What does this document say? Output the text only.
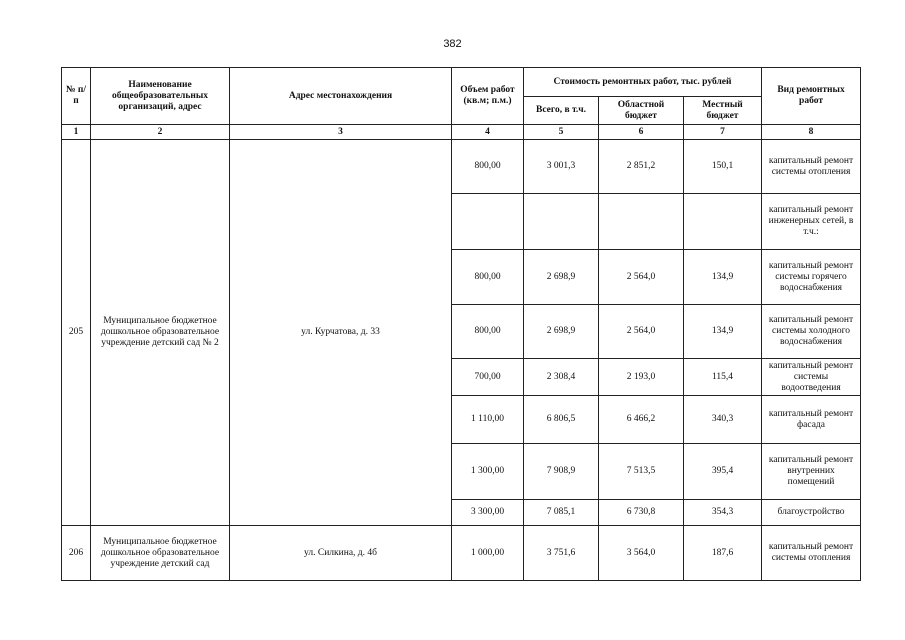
382
№ п/п	Наименование общеобразовательных организаций, адрес	Адрес местонахождения	Объем работ (кв.м; п.м.)	Стоимость ремонтных работ, тыс. рублей			Вид ремонтных работ
				Всего, в т.ч.	Областной бюджет	Местный бюджет	
1	2	3	4	5	6	7	8
205	Муниципальное бюджетное дошкольное образовательное учреждение детский сад № 2	ул. Курчатова, д. 33	800,00	3 001,3	2 851,2	150,1	капитальный ремонт системы отопления
							капитальный ремонт инженерных сетей, в т.ч.:
			800,00	2 698,9	2 564,0	134,9	капитальный ремонт системы горячего водоснабжения
			800,00	2 698,9	2 564,0	134,9	капитальный ремонт системы холодного водоснабжения
			700,00	2 308,4	2 193,0	115,4	капитальный ремонт системы водоотведения
			1 110,00	6 806,5	6 466,2	340,3	капитальный ремонт фасада
			1 300,00	7 908,9	7 513,5	395,4	капитальный ремонт внутренних помещений
			3 300,00	7 085,1	6 730,8	354,3	благоустройство
206	Муниципальное бюджетное дошкольное образовательное учреждение детский сад	ул. Силкина, д. 4б	1 000,00	3 751,6	3 564,0	187,6	капитальный ремонт системы отопления
